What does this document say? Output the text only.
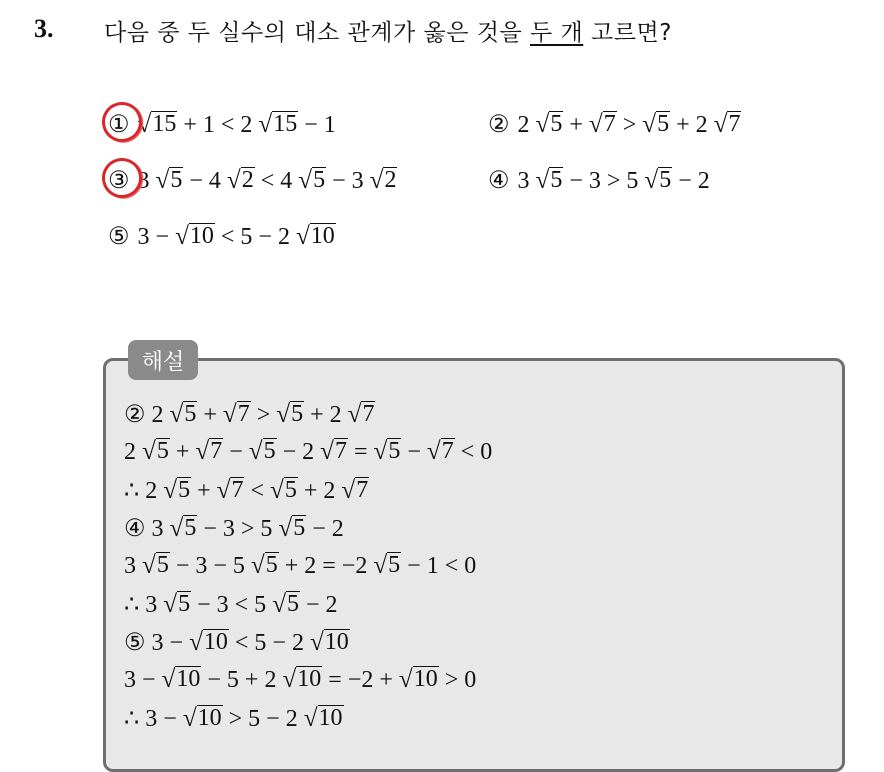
3. 다음 중 두 실수의 대소 관계가 옳은 것을 두 개 고르면?
① √ 15 + 1 < 2 √ 15 − 1	② 2 √ 5 + √ 7 > √ 5 + 2 √ 7
③ 3 √ 5 − 4 √ 2 < 4 √ 5 − 3 √ 2	④ 3 √ 5 − 3 > 5 √ 5 − 2
⑤ 3 − √ 10 < 5 − 2 √ 10
해설
② 2 √ 5 + √ 7 > √ 5 + 2 √ 7
2 √ 5 + √ 7 − √ 5 − 2 √ 7 = √ 5 − √ 7 < 0
∴ 2 √ 5 + √ 7 < √ 5 + 2 √ 7
④ 3 √ 5 − 3 > 5 √ 5 − 2
3 √ 5 − 3 − 5 √ 5 + 2 = −2 √ 5 − 1 < 0
∴ 3 √ 5 − 3 < 5 √ 5 − 2
⑤ 3 − √ 10 < 5 − 2 √ 10
3 − √ 10 − 5 + 2 √ 10 = −2 + √ 10 > 0
∴ 3 − √ 10 > 5 − 2 √ 10
